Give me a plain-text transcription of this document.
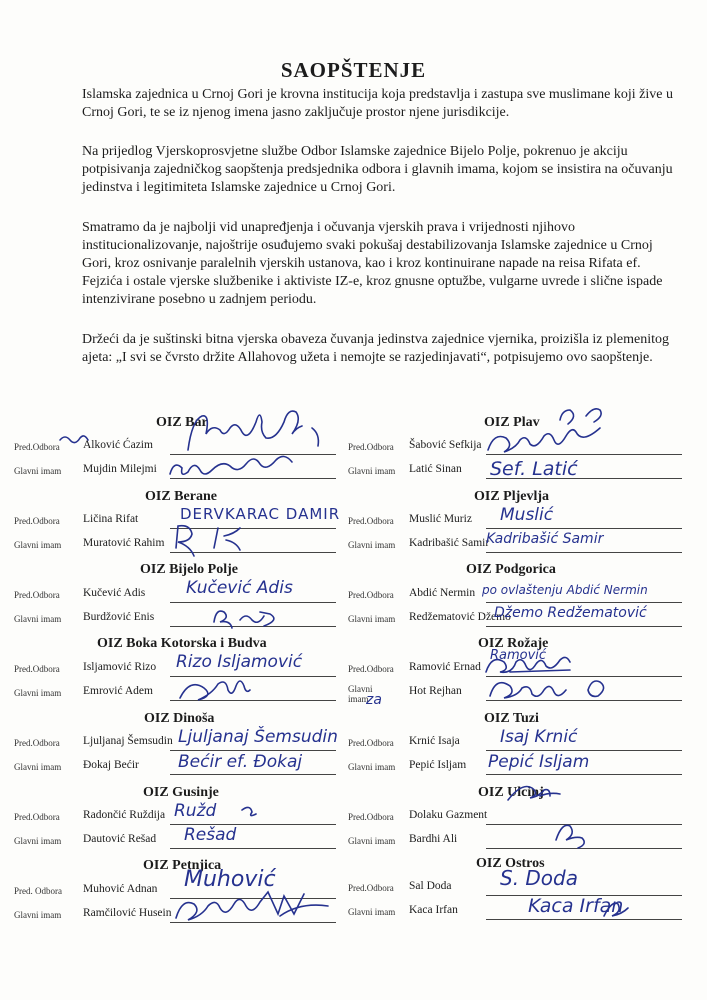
SAOPŠTENJE
Islamska zajednica u Crnoj Gori je krovna institucija koja predstavlja i zastupa sve muslimane koji žive u Crnoj Gori, te se iz njenog imena jasno zaključuje prostor njene jurisdikcije.
Na prijedlog Vjerskoprosvjetne službe Odbor Islamske zajednice Bijelo Polje, pokrenuo je akciju potpisivanja zajedničkog saopštenja predsjednika odbora i glavnih imama, kojom se insistira na očuvanju jedinstva i legitimiteta Islamske zajednice u Crnoj Gori.
Smatramo da je najbolji vid unapređjenja i očuvanja vjerskih prava i vrijednosti njihovo institucionalizovanje, najoštrije osuđujemo svaki pokušaj destabilizovanja Islamske zajednice u Crnoj Gori, kroz osnivanje paralelnih vjerskih ustanova, kao i kroz kontinuirane napade na reisa Rifata ef. Fejzića i ostale vjerske službenike i aktiviste IZ-e, kroz gnusne optužbe, vulgarne uvrede i slične ispade intenzivirane posebno u zadnjem periodu.
Držeći da je suštinski bitna vjerska obaveza čuvanja jedinstva zajednice vjernika, proizišla iz plemenitog ajeta: „I svi se čvrsto držite Allahovog užeta i nemojte se razjedinjavati“, potpisujemo ovo saopštenje.
OIZ Bar
Pred.Odbora Alković Ćazim
Glavni imam Mujdin Milejmi
OIZ Berane
Pred.Odbora Ličina Rifat
Glavni imam Muratović Rahim
OIZ Bijelo Polje
Pred.Odbora Kučević Adis
Glavni imam Burdžović Enis
OIZ Boka Kotorska i Budva
Pred.Odbora Isljamović Rizo
Glavni imam Emrović Adem
OIZ Dinoša
Pred.Odbora Ljuljanaj Šemsudin
Glavni imam Đokaj Bećir
OIZ Gusinje
Pred.Odbora Radončić Ruždija
Glavni imam Dautović Rešad
OIZ Petnjica
Pred. Odbora Muhović Adnan
Glavni imam Ramčilović Husein
OIZ Plav
Pred.Odbora Šabović Sefkija
Glavni imam Latić Sinan
OIZ Pljevlja
Pred.Odbora Muslić Muriz
Glavni imam Kadribašić Samir
OIZ Podgorica
Pred.Odbora Abdić Nermin
Glavni imam Redžematović Džemo
OIZ Rožaje
Pred.Odbora Ramović Ernad
Glavni imam
Hot Rejhan
OIZ Tuzi
Pred.Odbora Krnić Isaja
Glavni imam Pepić Isljam
OIZ Ulcinj
Pred.Odbora Dolaku Gazment
Glavni imam Bardhi Ali
OIZ Ostros
Pred.Odbora Sal Doda
Glavni imam Kaca Irfan
DERVKARAC DAMIR
Kučević Adis
Rizo Isljamović
Ljuljanaj Šemsudin
Bećir ef. Đokaj
Ružd
Rešad
Muhović
Sef. Latić
Muslić
Kadribašić Samir
po ovlaštenju Abdić Nermin
Džemo Redžematović
Ramović
za
Isaj Krnić
Pepić Isljam
S. Doda
Kaca Irfan
